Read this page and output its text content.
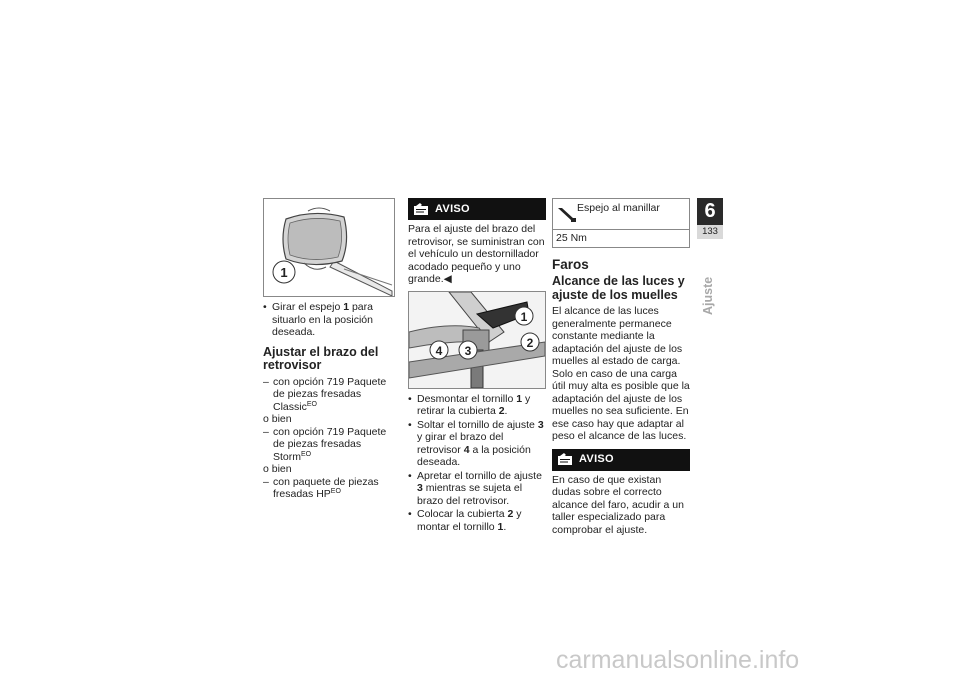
1
• Girar el espejo 1 para situarlo en la posición deseada.
Ajustar el brazo del retrovisor
– con opción 719 Paquete de piezas fresadas Classic$^{EO}$
o bien
– con opción 719 Paquete de piezas fresadas Storm$^{EO}$
o bien
– con paquete de piezas fresadas $HP^{EO}$
AVISO
Para el ajuste del brazo del retrovisor, se suministran con el vehículo un destornillador acodado pequeño y uno grande.◀
1
2
3
4
• Desmontar el tornillo 1 y retirar la cubierta 2.
• Soltar el tornillo de ajuste 3 y girar el brazo del retrovisor 4 a la posición deseada.
• Apretar el tornillo de ajuste 3 mientras se sujeta el brazo del retrovisor.
• Colocar la cubierta 2 y montar el tornillo 1.
Espejo al manillar
25 Nm
Faros
Alcance de las luces y ajuste de los muelles
El alcance de las luces generalmente permanece constante mediante la adaptación del ajuste de los muelles al estado de carga. Solo en caso de una carga útil muy alta es posible que la adaptación del ajuste de los muelles no sea suficiente. En ese caso hay que adaptar al peso el alcance de las luces.
AVISO
En caso de que existan dudas sobre el correcto alcance del faro, acudir a un taller especializado para comprobar el ajuste.
6
133
Ajuste
carmanualsonline.info
